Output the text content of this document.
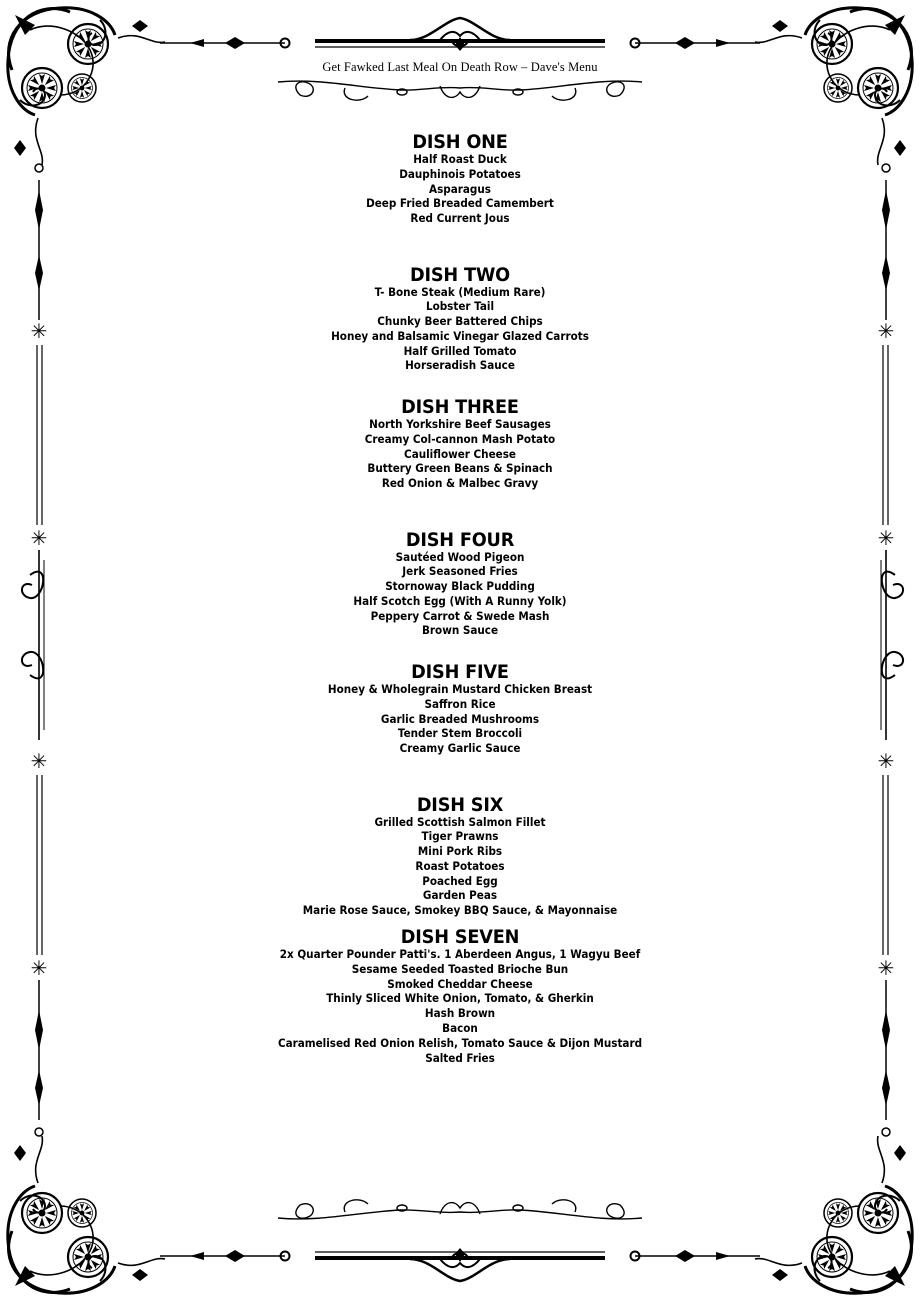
✳
✳
✳
✳
✳
✳
✳
✳
Get Fawked Last Meal On Death Row – Dave's Menu
DISH ONE
Half Roast Duck
Dauphinois Potatoes
Asparagus
Deep Fried Breaded Camembert
Red Current Jous
DISH TWO
T- Bone Steak (Medium Rare)
Lobster Tail
Chunky Beer Battered Chips
Honey and Balsamic Vinegar Glazed Carrots
Half Grilled Tomato
Horseradish Sauce
DISH THREE
North Yorkshire Beef Sausages
Creamy Col-cannon Mash Potato
Cauliflower Cheese
Buttery Green Beans & Spinach
Red Onion & Malbec Gravy
DISH FOUR
Sautéed Wood Pigeon
Jerk Seasoned Fries
Stornoway Black Pudding
Half Scotch Egg (With A Runny Yolk)
Peppery Carrot & Swede Mash
Brown Sauce
DISH FIVE
Honey & Wholegrain Mustard Chicken Breast
Saffron Rice
Garlic Breaded Mushrooms
Tender Stem Broccoli
Creamy Garlic Sauce
DISH SIX
Grilled Scottish Salmon Fillet
Tiger Prawns
Mini Pork Ribs
Roast Potatoes
Poached Egg
Garden Peas
Marie Rose Sauce, Smokey BBQ Sauce, & Mayonnaise
DISH SEVEN
2x Quarter Pounder Patti's. 1 Aberdeen Angus, 1 Wagyu Beef
Sesame Seeded Toasted Brioche Bun
Smoked Cheddar Cheese
Thinly Sliced White Onion, Tomato, & Gherkin
Hash Brown
Bacon
Caramelised Red Onion Relish, Tomato Sauce & Dijon Mustard
Salted Fries
